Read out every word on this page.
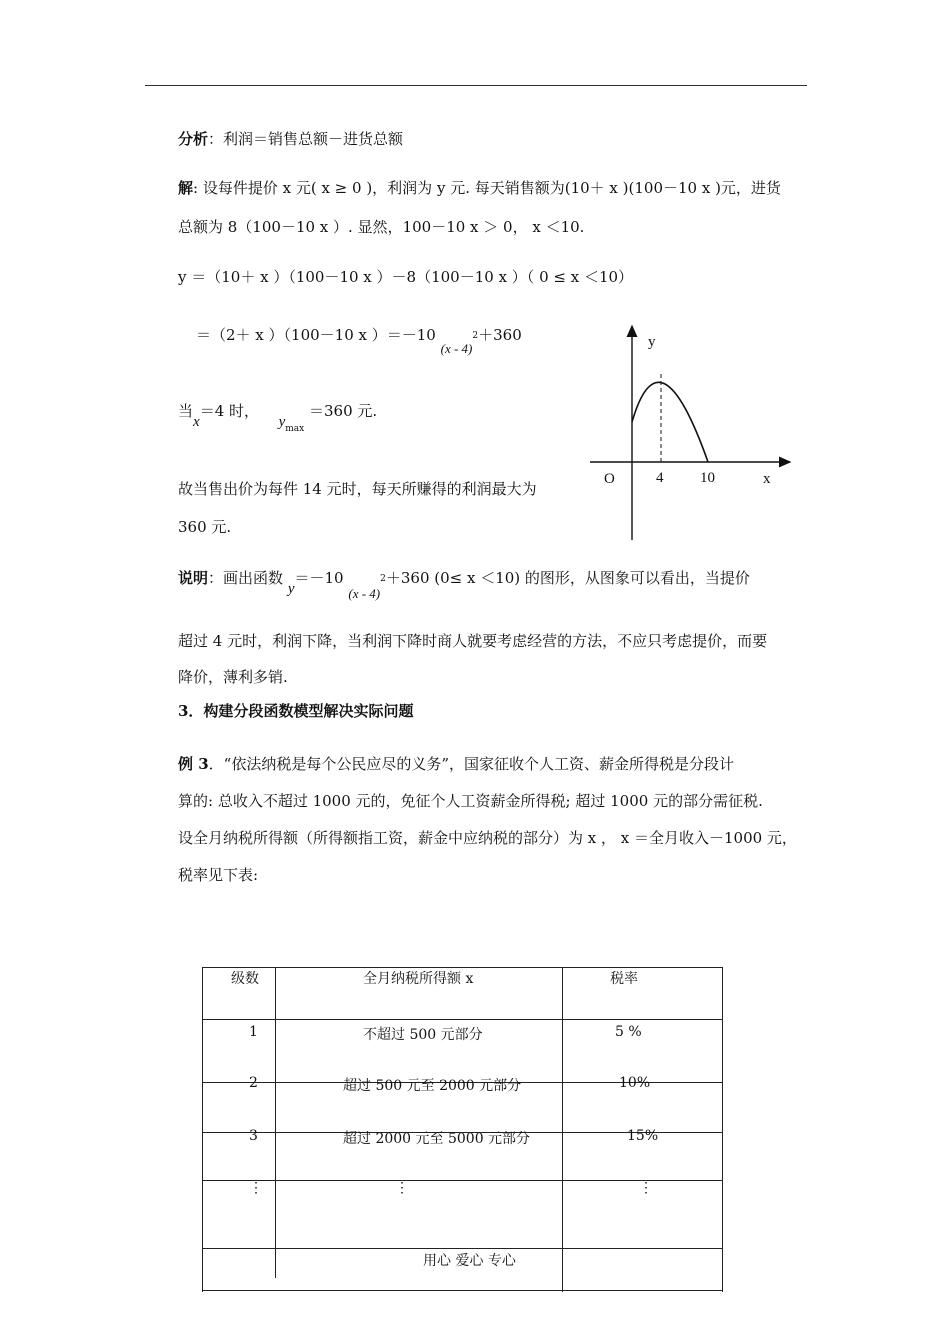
分析：利润＝销售总额－进货总额
解: 设每件提价 x 元( x ≥ 0 )，利润为 y 元. 每天销售额为(10＋ x )(100－10 x )元，进货
总额为 8（100－10 x ）. 显然，100－10 x ＞ 0， x ＜10.
y ＝（10＋ x ）（100－10 x ）－8（100－10 x ）（ 0 ≤ x ＜10）
＝（2＋ x ）（100－10 x ）＝－10 (x - 4)2＋360
当x＝4 时，  $y_{max} =360$ 元.
故当售出价为每件 14 元时，每天所赚得的利润最大为
360 元.
y
x
O	4 10
说明：画出函数 y＝－10 (x - 4)2＋360 (0≤ x ＜10) 的图形，从图象可以看出，当提价
超过 4 元时，利润下降，当利润下降时商人就要考虑经营的方法，不应只考虑提价，而要
降价，薄利多销.
3．构建分段函数模型解决实际问题
例 3．“依法纳税是每个公民应尽的义务”，国家征收个人工资、薪金所得税是分段计
算的: 总收入不超过 1000 元的，免征个人工资薪金所得税; 超过 1000 元的部分需征税.
设全月纳税所得额（所得额指工资，薪金中应纳税的部分）为 x ， x ＝全月收入－1000 元，
税率见下表:
级数	全月纳税所得额 x	税率
1	不超过 500 元部分	5 %
2	超过 500 元至 2000 元部分	10%
3	超过 2000 元至 5000 元部分	15%
⋮	⋮	⋮
用心 爱心 专心
